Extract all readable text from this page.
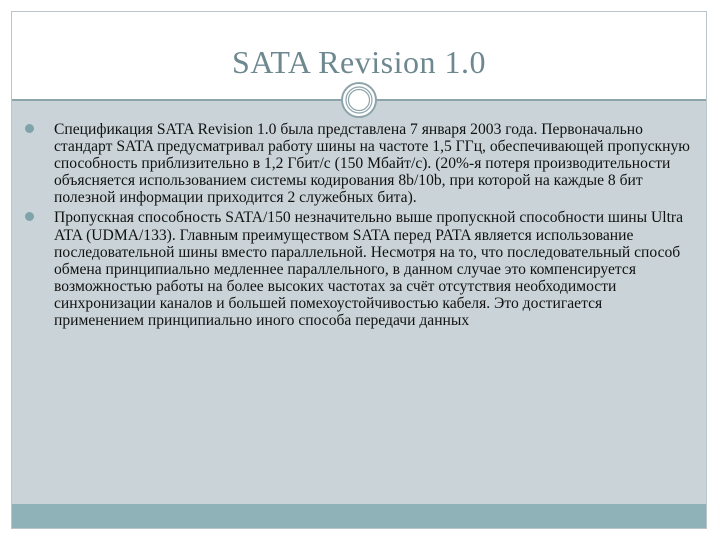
SATA Revision 1.0
Спецификация SATA Revision 1.0 была представлена 7 января 2003 года. Первоначально стандарт SATA предусматривал работу шины на частоте 1,5 ГГц, обеспечивающей пропускную способность приблизительно в 1,2 Гбит/с (150 Мбайт/с). (20%-я потеря производительности объясняется использованием системы кодирования 8b/10b, при которой на каждые 8 бит полезной информации приходится 2 служебных бита).
Пропускная способность SATA/150 незначительно выше пропускной способности шины Ultra ATA (UDMA/133). Главным преимуществом SATA перед PATA является использование последовательной шины вместо параллельной. Несмотря на то, что последовательный способ обмена принципиально медленнее параллельного, в данном случае это компенсируется возможностью работы на более высоких частотах за счёт отсутствия необходимости синхронизации каналов и большей помехоустойчивостью кабеля. Это достигается применением принципиально иного способа передачи данных
